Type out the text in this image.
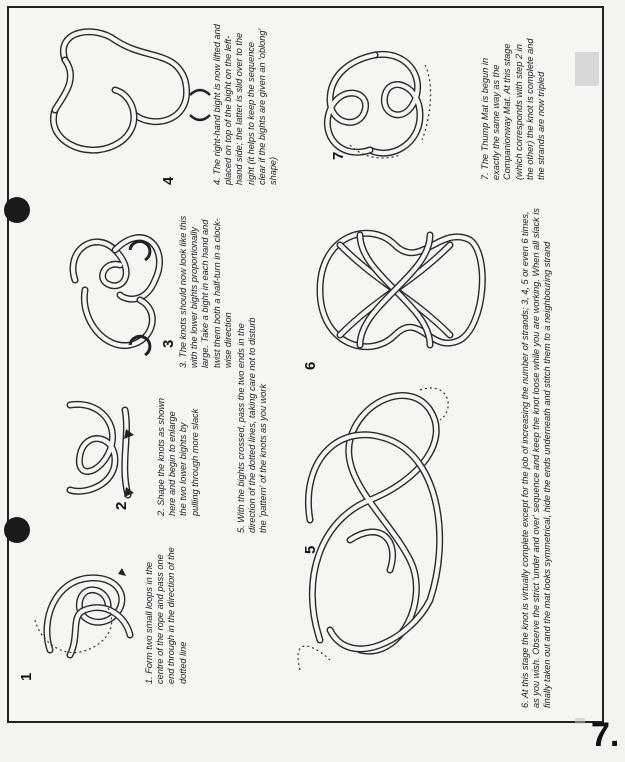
1	1. Form two small loops in the centre of the rope and pass one end through in the direction of the dotted line

2	2. Shape the knots as shown here and begin to enlarge the two lower bights by pulling through more slack

3 3. The knots should now look like this with the lower bights proportionally large. Take a bight in each hand and twist them both a half-turn in a clock-wise direction

4	4. The right-hand bight is now lifted and placed on top of the bight on the left-hand side; the latter is slid over to the right (it helps to keep the sequence clear if the bights are given an 'oblong' shape)

5

5. With the bights crossed, pass the two ends in the direction of the dotted lines, taking care not to disturb the 'pattern' of the knots as you work

6	6. At this stage the knot is virtually complete except for the job of increasing the number of strands; 3, 4, 5 or even 6 times, as you wish. Observe the strict 'under and over' sequence and keep the knot loose while you are working. When all slack is finally taken out and the mat looks symmetrical, hide the ends underneath and stitch them to a neighbouring strand

7	7. The Thump Mat is begun in exactly the same way as the Companionway Mat. At this stage (which corresponds with step 2 in the other) the knot is complete and the strands are now tripled

7.
